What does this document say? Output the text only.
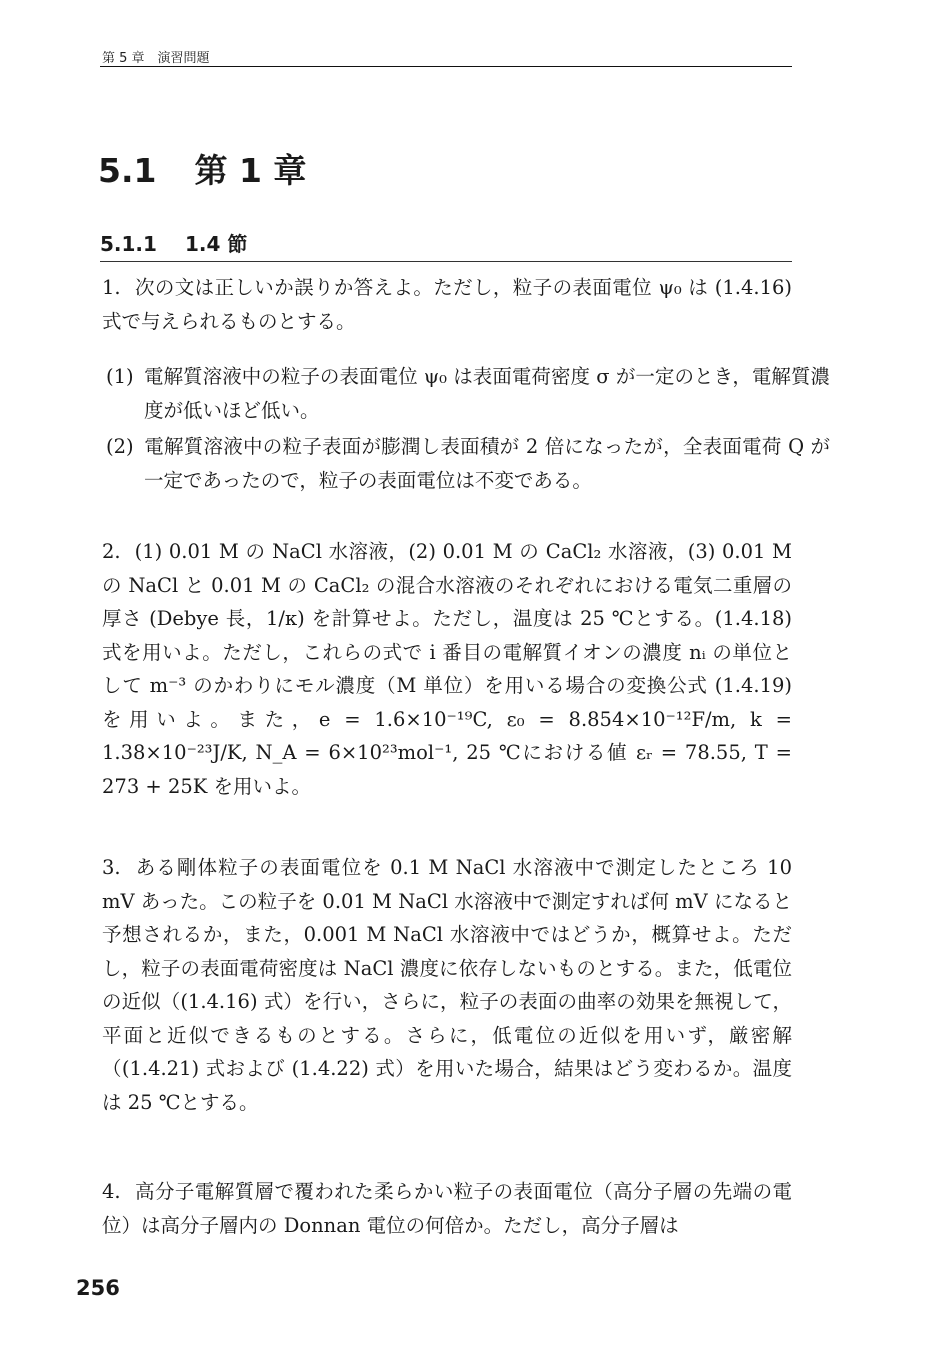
第 5 章　演習問題
5.1 第 1 章
5.1.1 1.4 節

1. 次の文は正しいか誤りか答えよ。ただし，粒子の表面電位 ψ₀ は (1.4.16) 式で与えられるものとする。

(1) 電解質溶液中の粒子の表面電位 ψ₀ は表面電荷密度 σ が一定のとき，電解質濃度が低いほど低い。

(2) 電解質溶液中の粒子表面が膨潤し表面積が 2 倍になったが，全表面電荷 Q が一定であったので，粒子の表面電位は不変である。

2. (1) 0.01 M の NaCl 水溶液，(2) 0.01 M の CaCl₂ 水溶液，(3) 0.01 M の NaCl と 0.01 M の CaCl₂ の混合水溶液のそれぞれにおける電気二重層の厚さ (Debye 長，1/κ) を計算せよ。ただし，温度は 25 ℃とする。(1.4.18) 式を用いよ。ただし，これらの式で i 番目の電解質イオンの濃度 nᵢ の単位として m⁻³ のかわりにモル濃度（M 単位）を用いる場合の変換公式 (1.4.19) を用いよ。また，e = 1.6×10⁻¹⁹C, ε₀ = 8.854×10⁻¹²F/m, k = 1.38×10⁻²³J/K, N_A = 6×10²³mol⁻¹, 25 ℃における値 εᵣ = 78.55, T = 273 + 25K を用いよ。

3. ある剛体粒子の表面電位を 0.1 M NaCl 水溶液中で測定したところ 10 mV あった。この粒子を 0.01 M NaCl 水溶液中で測定すれば何 mV になると予想されるか，また，0.001 M NaCl 水溶液中ではどうか，概算せよ。ただし，粒子の表面電荷密度は NaCl 濃度に依存しないものとする。また，低電位の近似（(1.4.16) 式）を行い，さらに，粒子の表面の曲率の効果を無視して，平面と近似できるものとする。さらに，低電位の近似を用いず，厳密解（(1.4.21) 式および (1.4.22) 式）を用いた場合，結果はどう変わるか。温度は 25 ℃とする。

4. 高分子電解質層で覆われた柔らかい粒子の表面電位（高分子層の先端の電位）は高分子層内の Donnan 電位の何倍か。ただし，高分子層は

256
